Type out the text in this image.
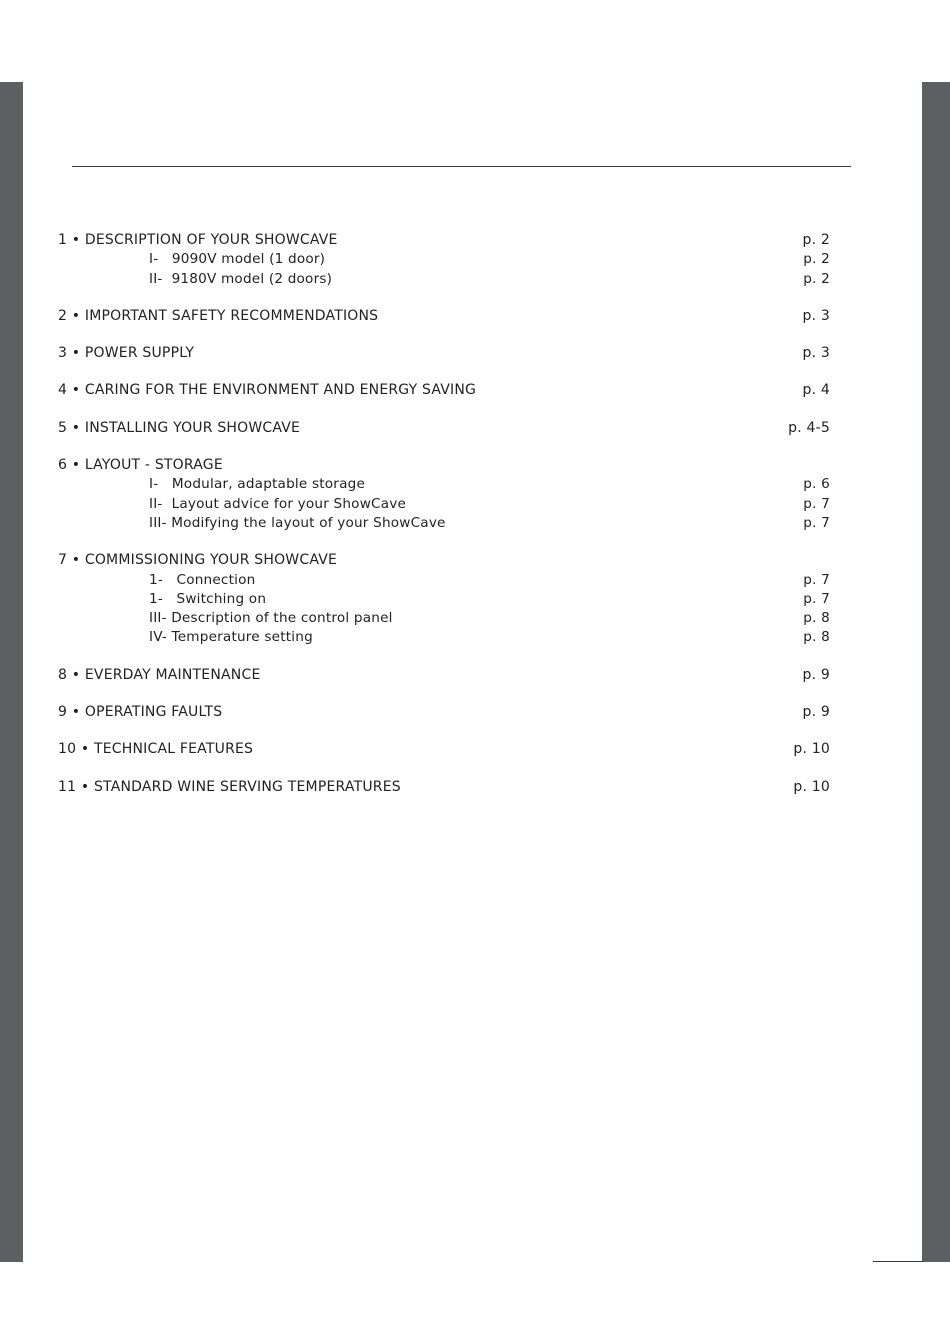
1 • DESCRIPTION OF YOUR SHOWCAVE	p. 2
I-   9090V model (1 door)	p. 2
II-  9180V model (2 doors)	p. 2
2 • IMPORTANT SAFETY RECOMMENDATIONS	p. 3
3 • POWER SUPPLY	p. 3
4 • CARING FOR THE ENVIRONMENT AND ENERGY SAVING	p. 4
5 • INSTALLING YOUR SHOWCAVE	p. 4-5
6 • LAYOUT - STORAGE
I-   Modular, adaptable storage	p. 6
II-  Layout advice for your ShowCave	p. 7
III- Modifying the layout of your ShowCave	p. 7
7 • COMMISSIONING YOUR SHOWCAVE
1-   Connection	p. 7
1-   Switching on	p. 7
III- Description of the control panel	p. 8
IV- Temperature setting	p. 8
8 • EVERDAY MAINTENANCE	p. 9
9 • OPERATING FAULTS	p. 9
10 • TECHNICAL FEATURES	p. 10
11 • STANDARD WINE SERVING TEMPERATURES	p. 10
